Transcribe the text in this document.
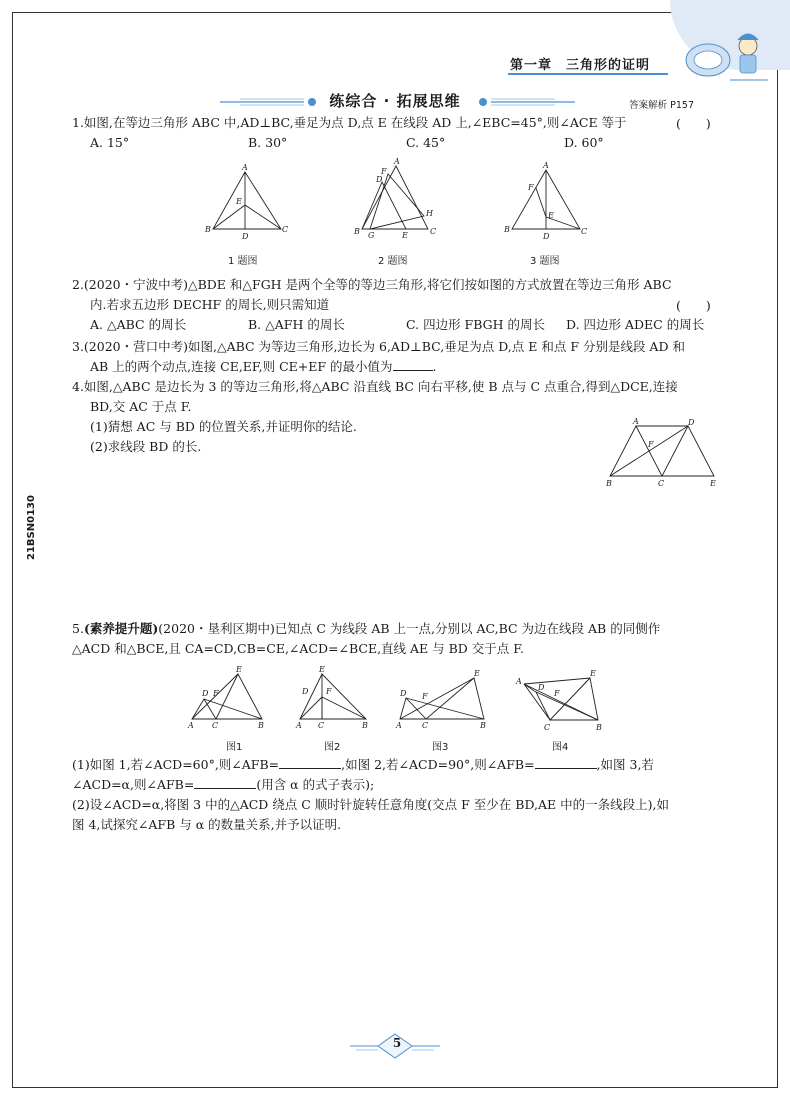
第一章　三角形的证明
练综合 · 拓展思维	答案解析 P157
21BSN0130
1.如图,在等边三角形 ABC 中,AD⊥BC,垂足为点 D,点 E 在线段 AD 上,∠EBC=45°,则∠ACE 等于	(　　)
A. 15°	B. 30°	C. 45°	D. 60°
A
B	C
D
E
1 题图
A
B	C
D
F
G	E
H
2 题图
A
B	C
D
E
F
3 题图
2.(2020・宁波中考)△BDE 和△FGH 是两个全等的等边三角形,将它们按如图的方式放置在等边三角形 ABC
内.若求五边形 DECHF 的周长,则只需知道	(　　)
A. △ABC 的周长	B. △AFH 的周长	C. 四边形 FBGH 的周长 D. 四边形 ADEC 的周长
3.(2020・营口中考)如图,△ABC 为等边三角形,边长为 6,AD⊥BC,垂足为点 D,点 E 和点 F 分别是线段 AD 和
AB 上的两个动点,连接 CE,EF,则 CE+EF 的最小值为	.
4.如图,△ABC 是边长为 3 的等边三角形,将△ABC 沿直线 BC 向右平移,使 B 点与 C 点重合,得到△DCE,连接
BD,交 AC 于点 F.
(1)猜想 AC 与 BD 的位置关系,并证明你的结论.
(2)求线段 BD 的长.
A	D
F
B	C	E
5.(素养提升题)(2020・垦利区期中)已知点 C 为线段 AB 上一点,分别以 AC,BC 为边在线段 AB 的同侧作
△ACD 和△BCE,且 CA=CD,CB=CE,∠ACD=∠BCE,直线 AE 与 BD 交于点 F.
E
D F
A C	B
图1
E
D F
A C	B
图2
E
D F
A	C	B
图3
A
D
F
E
C	B
图4
(1)如图 1,若∠ACD=60°,则∠AFB=	,如图 2,若∠ACD=90°,则∠AFB=	,如图 3,若
∠ACD=α,则∠AFB=	(用含 α 的式子表示);
(2)设∠ACD=α,将图 3 中的△ACD 绕点 C 顺时针旋转任意角度(交点 F 至少在 BD,AE 中的一条线段上),如
图 4,试探究∠AFB 与 α 的数量关系,并予以证明.
5
